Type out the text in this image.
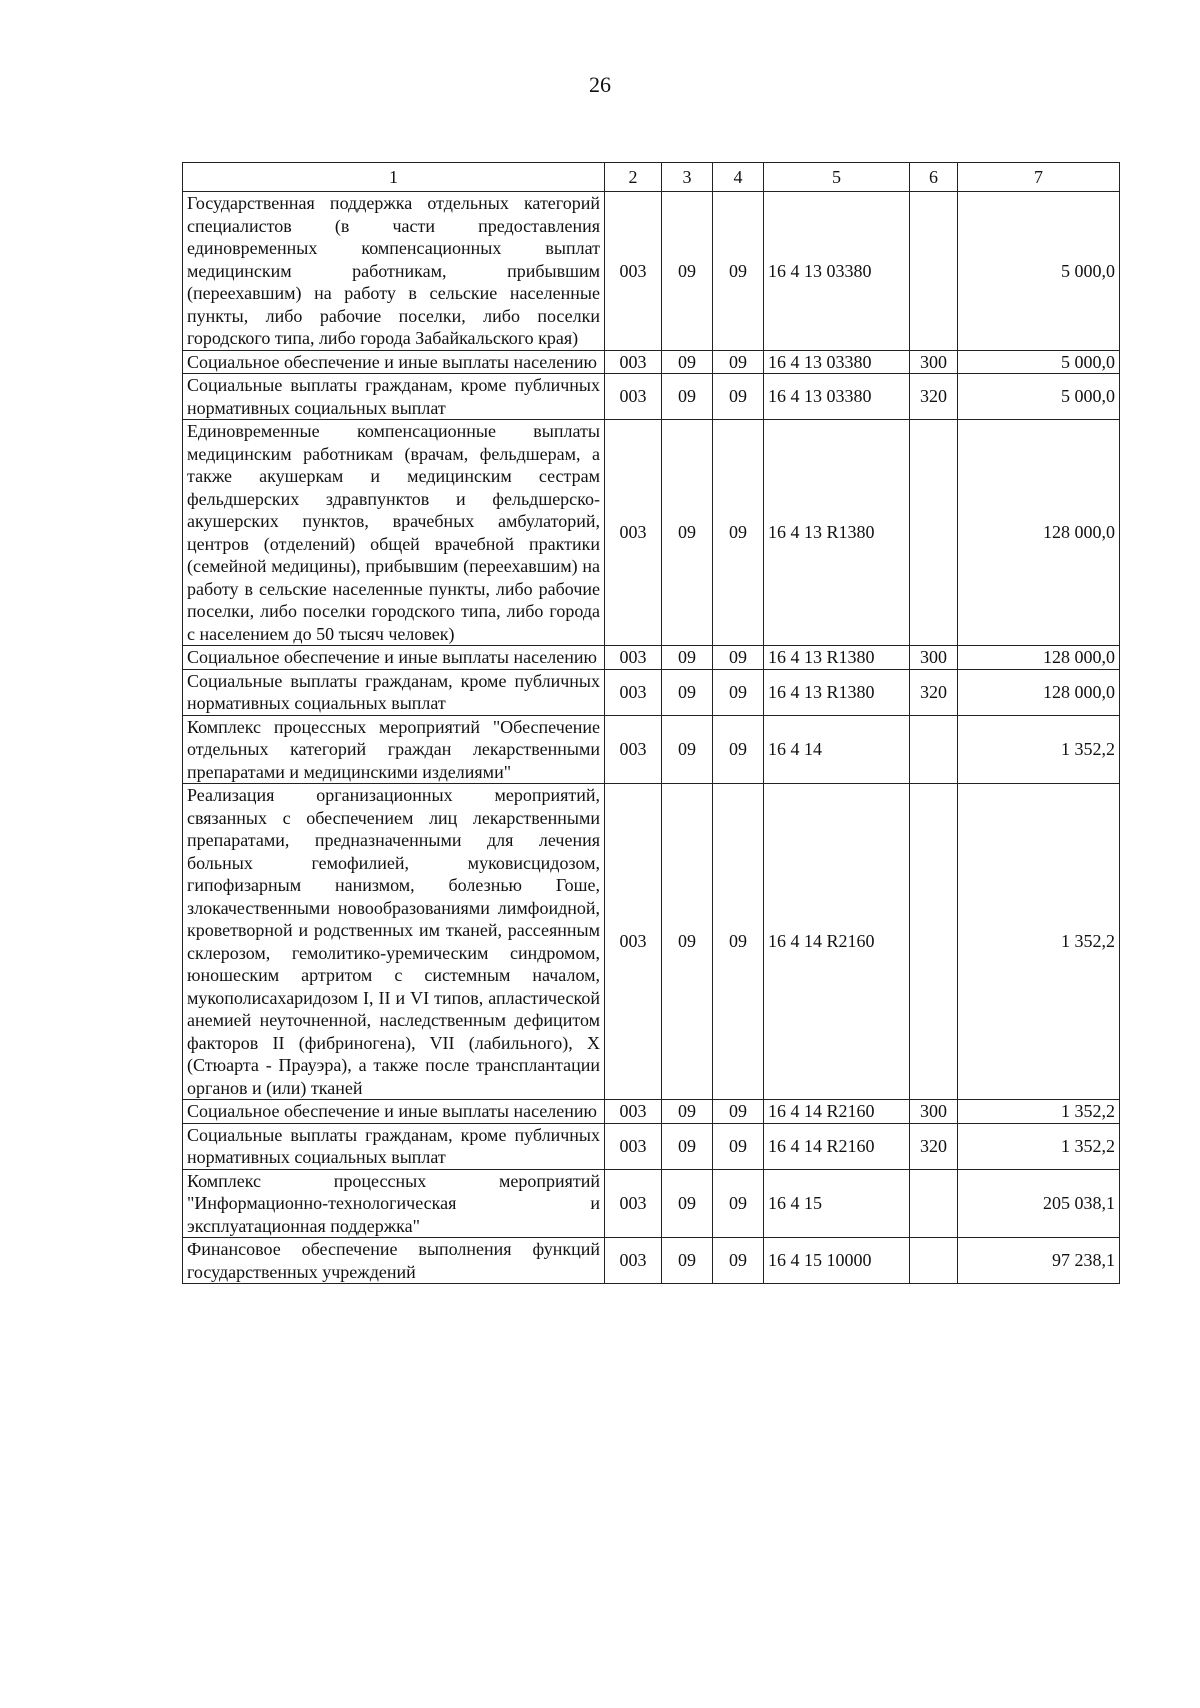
26
1	2	3	4	5	6	7
Государственная поддержка отдельных категорий специалистов (в части предоставления единовременных компенсационных выплат медицинским работникам, прибывшим (переехавшим) на работу в сельские населенные пункты, либо рабочие поселки, либо поселки городского типа, либо города Забайкальского края)	003	09	09	16 4 13 03380		5 000,0
Социальное обеспечение и иные выплаты населению	003	09	09	16 4 13 03380	300	5 000,0
Социальные выплаты гражданам, кроме публичных нормативных социальных выплат	003	09	09	16 4 13 03380	320	5 000,0
Единовременные компенсационные выплаты медицинским работникам (врачам, фельдшерам, а также акушеркам и медицинским сестрам фельдшерских здравпунктов и фельдшерско-акушерских пунктов, врачебных амбулаторий, центров (отделений) общей врачебной практики (семейной медицины), прибывшим (переехавшим) на работу в сельские населенные пункты, либо рабочие поселки, либо поселки городского типа, либо города с населением до 50 тысяч человек)	003	09	09	16 4 13 R1380		128 000,0
Социальное обеспечение и иные выплаты населению	003	09	09	16 4 13 R1380	300	128 000,0
Социальные выплаты гражданам, кроме публичных нормативных социальных выплат	003	09	09	16 4 13 R1380	320	128 000,0
Комплекс процессных мероприятий "Обеспечение отдельных категорий граждан лекарственными препаратами и медицинскими изделиями"	003	09	09	16 4 14		1 352,2
Реализация организационных мероприятий, связанных с обеспечением лиц лекарственными препаратами, предназначенными для лечения больных гемофилией, муковисцидозом, гипофизарным нанизмом, болезнью Гоше, злокачественными новообразованиями лимфоидной, кроветворной и родственных им тканей, рассеянным склерозом, гемолитико-уремическим синдромом, юношеским артритом с системным началом, мукополисахаридозом I, II и VI типов, апластической анемией неуточненной, наследственным дефицитом факторов II (фибриногена), VII (лабильного), X (Стюарта - Прауэра), а также после трансплантации органов и (или) тканей	003	09	09	16 4 14 R2160		1 352,2
Социальное обеспечение и иные выплаты населению	003	09	09	16 4 14 R2160	300	1 352,2
Социальные выплаты гражданам, кроме публичных нормативных социальных выплат	003	09	09	16 4 14 R2160	320	1 352,2
Комплекс процессных мероприятий "Информационно-технологическая и эксплуатационная поддержка"	003	09	09	16 4 15		205 038,1
Финансовое обеспечение выполнения функций государственных учреждений	003	09	09	16 4 15 10000		97 238,1
